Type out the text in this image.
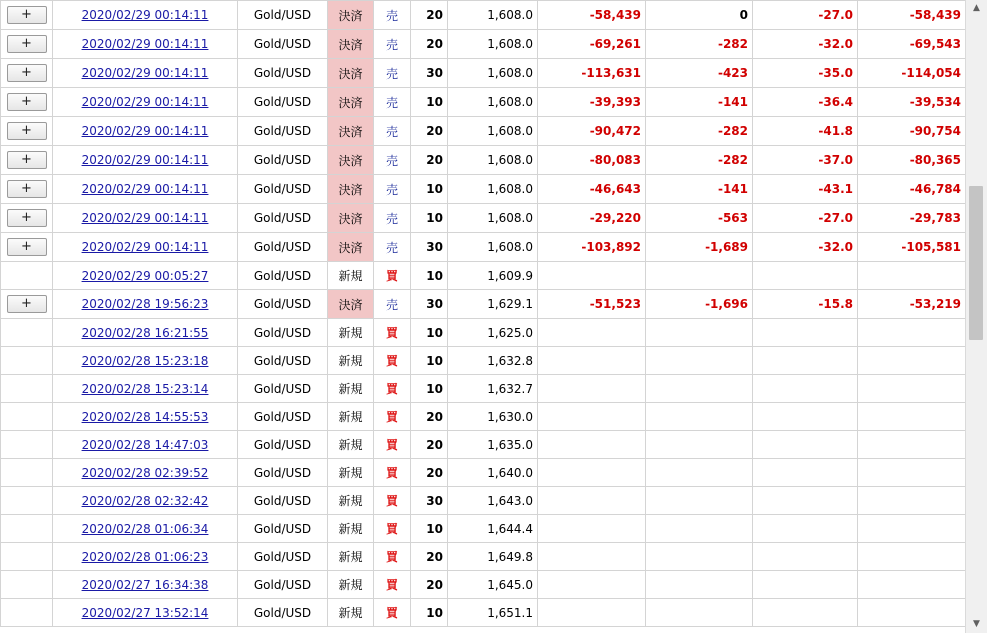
+	2020/02/29 00:14:11	Gold/USD	決済	売	20	1,608.0	-58,439	0	-27.0	-58,439
+	2020/02/29 00:14:11	Gold/USD	決済	売	20	1,608.0	-69,261	-282	-32.0	-69,543
+	2020/02/29 00:14:11	Gold/USD	決済	売	30	1,608.0	-113,631	-423	-35.0	-114,054
+	2020/02/29 00:14:11	Gold/USD	決済	売	10	1,608.0	-39,393	-141	-36.4	-39,534
+	2020/02/29 00:14:11	Gold/USD	決済	売	20	1,608.0	-90,472	-282	-41.8	-90,754
+	2020/02/29 00:14:11	Gold/USD	決済	売	20	1,608.0	-80,083	-282	-37.0	-80,365
+	2020/02/29 00:14:11	Gold/USD	決済	売	10	1,608.0	-46,643	-141	-43.1	-46,784
+	2020/02/29 00:14:11	Gold/USD	決済	売	10	1,608.0	-29,220	-563	-27.0	-29,783
+	2020/02/29 00:14:11	Gold/USD	決済	売	30	1,608.0	-103,892	-1,689	-32.0	-105,581
	2020/02/29 00:05:27	Gold/USD	新規	買	10	1,609.9				
+	2020/02/28 19:56:23	Gold/USD	決済	売	30	1,629.1	-51,523	-1,696	-15.8	-53,219
	2020/02/28 16:21:55	Gold/USD	新規	買	10	1,625.0				
	2020/02/28 15:23:18	Gold/USD	新規	買	10	1,632.8				
	2020/02/28 15:23:14	Gold/USD	新規	買	10	1,632.7				
	2020/02/28 14:55:53	Gold/USD	新規	買	20	1,630.0				
	2020/02/28 14:47:03	Gold/USD	新規	買	20	1,635.0				
	2020/02/28 02:39:52	Gold/USD	新規	買	20	1,640.0				
	2020/02/28 02:32:42	Gold/USD	新規	買	30	1,643.0				
	2020/02/28 01:06:34	Gold/USD	新規	買	10	1,644.4				
	2020/02/28 01:06:23	Gold/USD	新規	買	20	1,649.8				
	2020/02/27 16:34:38	Gold/USD	新規	買	20	1,645.0				
	2020/02/27 13:52:14	Gold/USD	新規	買	10	1,651.1				
▲
▼
